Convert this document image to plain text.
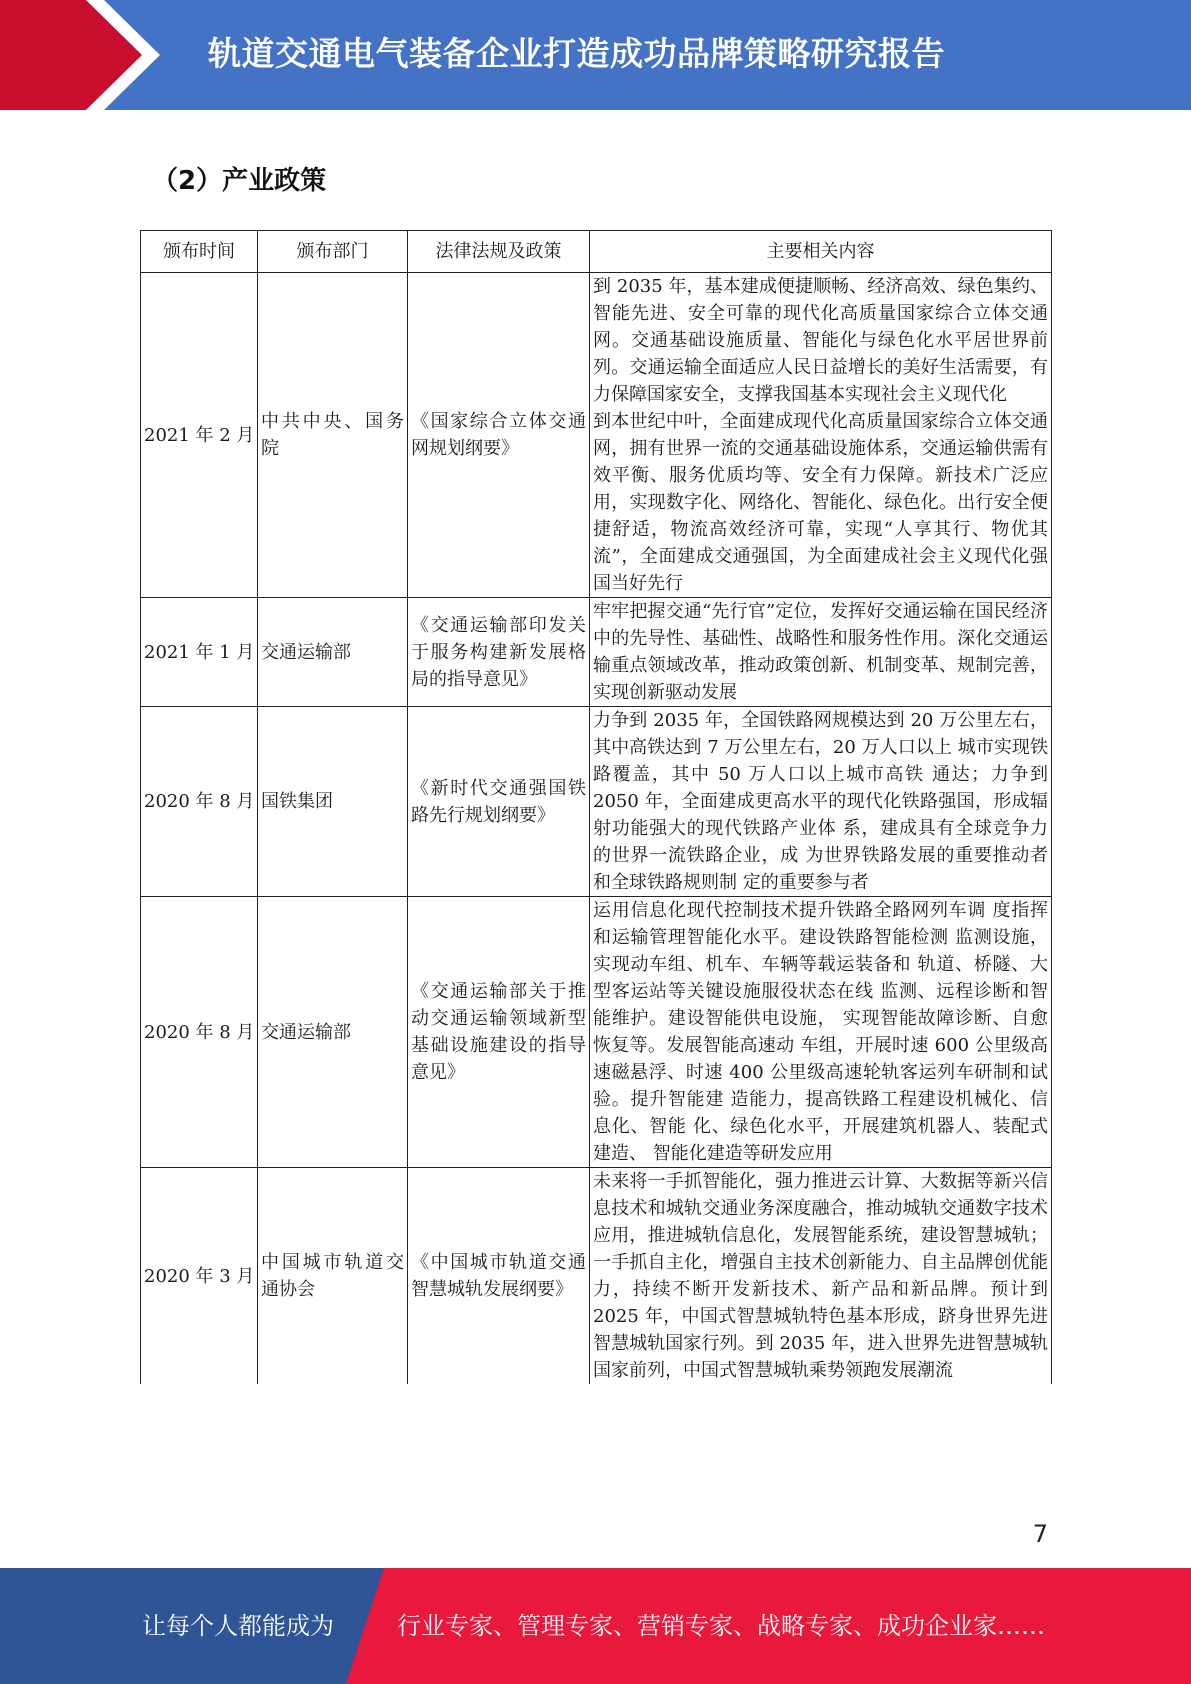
轨道交通电气装备企业打造成功品牌策略研究报告
（2）产业政策
颁布时间	颁布部门	法律法规及政策	主要相关内容
2021 年 2 月	中共中央、国务院	《国家综合立体交通网规划纲要》	到 2035 年，基本建成便捷顺畅、经济高效、绿色集约、智能先进、安全可靠的现代化高质量国家综合立体交通网。交通基础设施质量、智能化与绿色化水平居世界前列。交通运输全面适应人民日益增长的美好生活需要，有力保障国家安全，支撑我国基本实现社会主义现代化
到本世纪中叶，全面建成现代化高质量国家综合立体交通网，拥有世界一流的交通基础设施体系，交通运输供需有效平衡、服务优质均等、安全有力保障。新技术广泛应用，实现数字化、网络化、智能化、绿色化。出行安全便捷舒适，物流高效经济可靠，实现“人享其行、物优其流”，全面建成交通强国，为全面建成社会主义现代化强国当好先行

2021 年 1 月	交通运输部	《交通运输部印发关于服务构建新发展格局的指导意见》	牢牢把握交通“先行官”定位，发挥好交通运输在国民经济中的先导性、基础性、战略性和服务性作用。深化交通运输重点领域改革，推动政策创新、机制变革、规制完善，实现创新驱动发展
2020 年 8 月	国铁集团	《新时代交通强国铁路先行规划纲要》	力争到 2035 年，全国铁路网规模达到 20 万公里左右，其中高铁达到 7 万公里左右，20 万人口以上 城市实现铁路覆盖，其中 50 万人口以上城市高铁 通达；力争到 2050 年，全面建成更高水平的现代化铁路强国，形成辐射功能强大的现代铁路产业体 系，建成具有全球竞争力的世界一流铁路企业，成 为世界铁路发展的重要推动者和全球铁路规则制 定的重要参与者
2020 年 8 月	交通运输部	《交通运输部关于推动交通运输领域新型基础设施建设的指导意见》	运用信息化现代控制技术提升铁路全路网列车调 度指挥和运输管理智能化水平。建设铁路智能检测 监测设施，实现动车组、机车、车辆等载运装备和 轨道、桥隧、大型客运站等关键设施服役状态在线 监测、远程诊断和智能维护。建设智能供电设施， 实现智能故障诊断、自愈恢复等。发展智能高速动 车组，开展时速 600 公里级高速磁悬浮、时速 400 公里级高速轮轨客运列车研制和试验。提升智能建 造能力，提高铁路工程建设机械化、信息化、智能 化、绿色化水平，开展建筑机器人、装配式建造、 智能化建造等研发应用
2020 年 3 月	中国城市轨道交通协会	《中国城市轨道交通智慧城轨发展纲要》	未来将一手抓智能化，强力推进云计算、大数据等新兴信息技术和城轨交通业务深度融合，推动城轨交通数字技术应用，推进城轨信息化，发展智能系统，建设智慧城轨；一手抓自主化，增强自主技术创新能力、自主品牌创优能力，持续不断开发新技术、新产品和新品牌。预计到 2025 年，中国式智慧城轨特色基本形成，跻身世界先进智慧城轨国家行列。到 2035 年，进入世界先进智慧城轨国家前列，中国式智慧城轨乘势领跑发展潮流
7
让每个人都能成为	行业专家、管理专家、营销专家、战略专家、成功企业家……
